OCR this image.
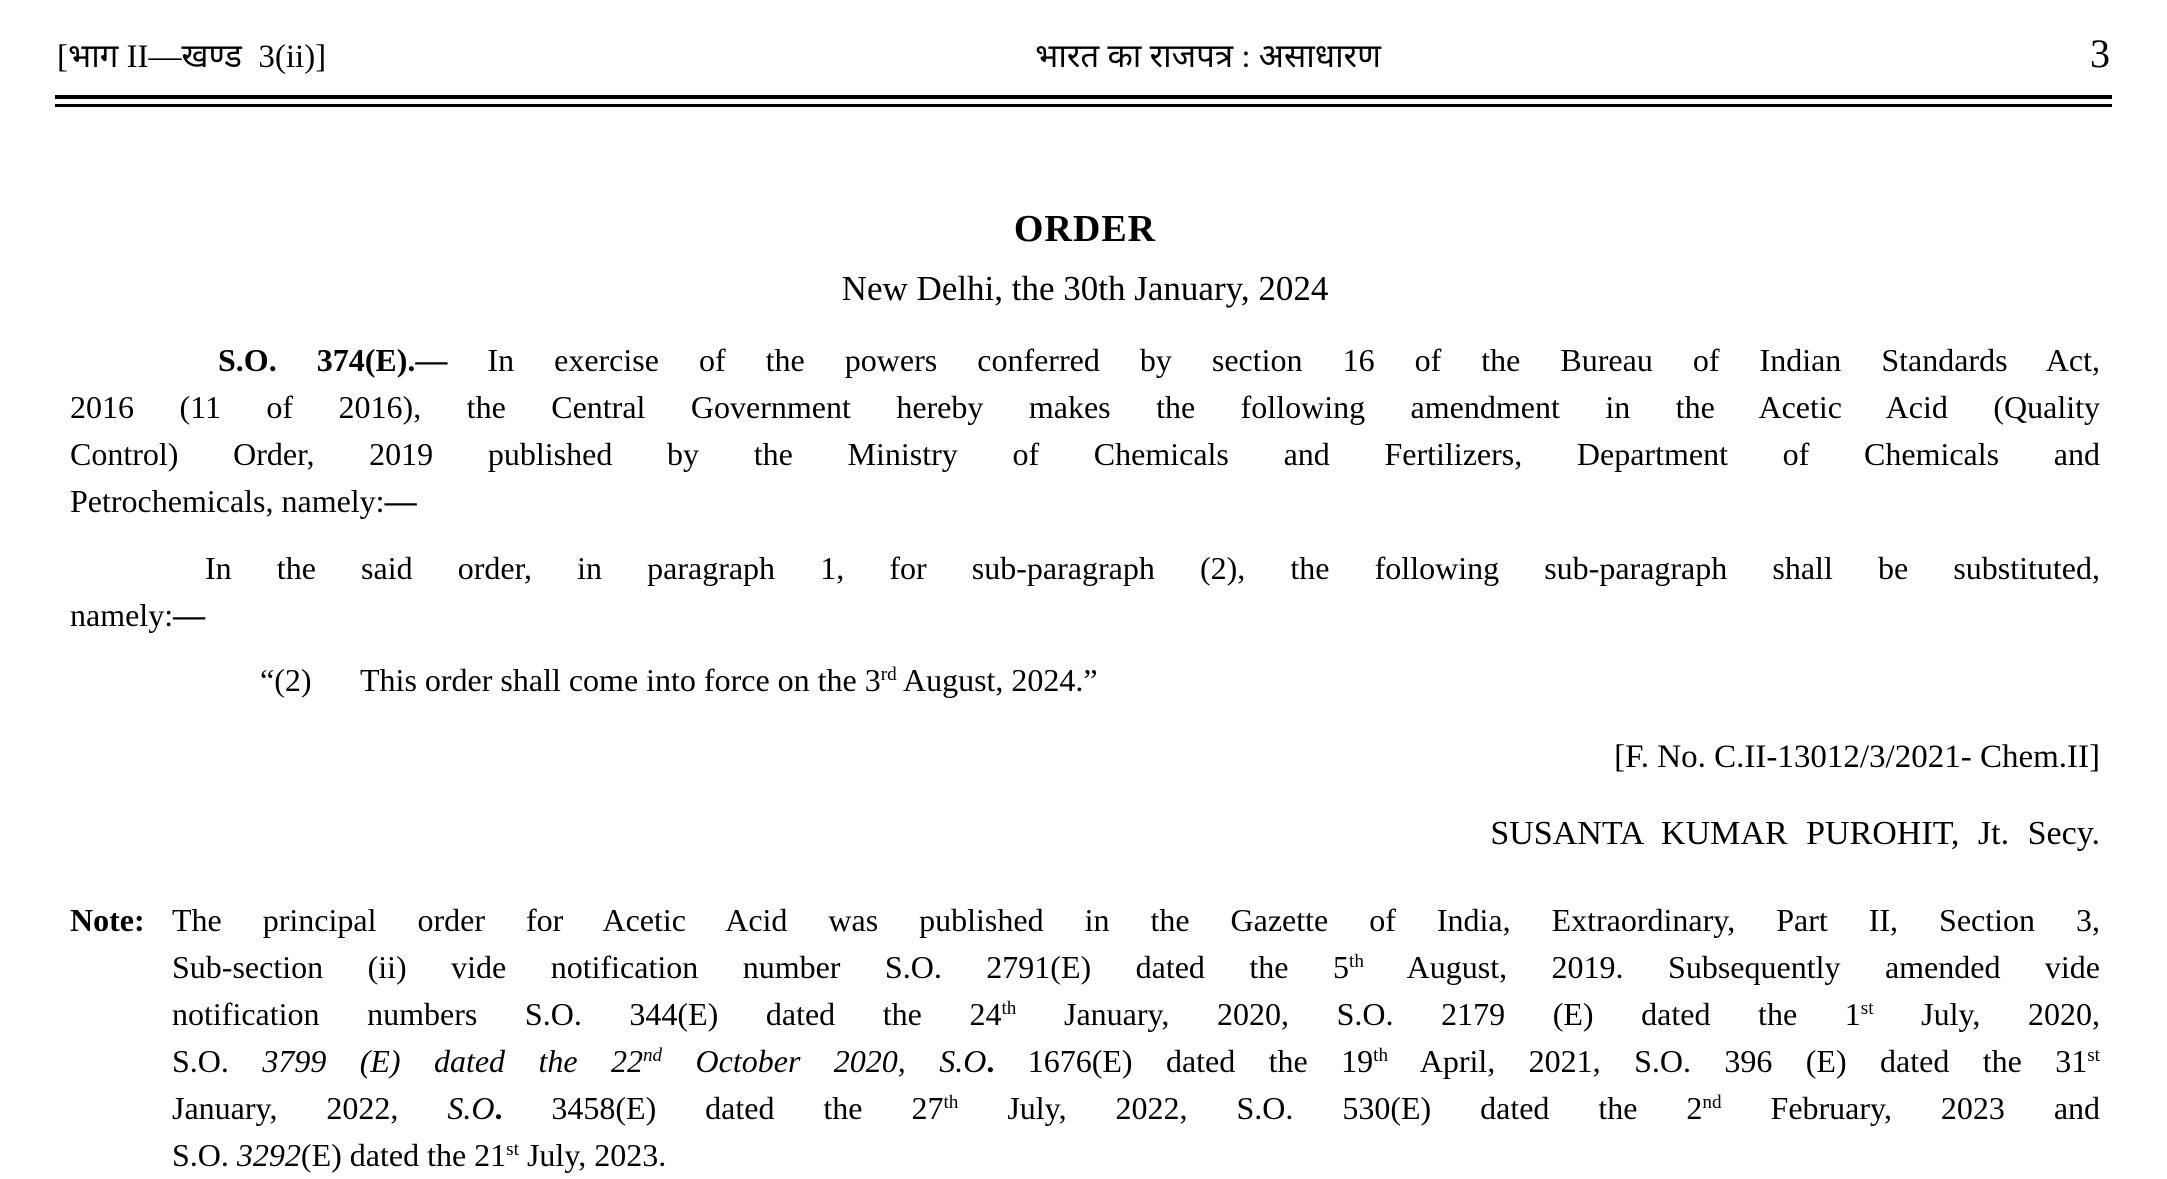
[भाग II—खण्ड  3(ii)]	भारत का राजपत्र : असाधारण	3
ORDER
New Delhi, the 30th January, 2024
S.O. 374(E).— In exercise of the powers conferred by section 16 of the Bureau of Indian Standards Act,
2016 (11 of 2016), the Central Government hereby makes the following amendment in the Acetic Acid (Quality
Control) Order, 2019 published by the Ministry of Chemicals and Fertilizers, Department of Chemicals and
Petrochemicals, namely:—
In the said order, in paragraph 1, for sub-paragraph (2), the following sub-paragraph shall be substituted,
namely:—
“(2) This order shall come into force on the 3rd August, 2024.”
[F. No. C.II-13012/3/2021- Chem.II]
SUSANTA KUMAR PUROHIT, Jt. Secy.
Note: The principal order for Acetic Acid was published in the Gazette of India, Extraordinary, Part II, Section 3,
Sub-section (ii) vide notification number S.O. 2791(E) dated the 5th August, 2019. Subsequently amended vide
notification numbers S.O. 344(E) dated the 24th January, 2020, S.O. 2179 (E) dated the 1st July, 2020,
S.O. 3799 (E) dated the 22nd October 2020, S.O. 1676(E) dated the 19th April, 2021, S.O. 396 (E) dated the 31st
January, 2022, S.O. 3458(E) dated the 27th July, 2022, S.O. 530(E) dated the 2nd February, 2023 and
S.O. 3292(E) dated the 21st July, 2023.
